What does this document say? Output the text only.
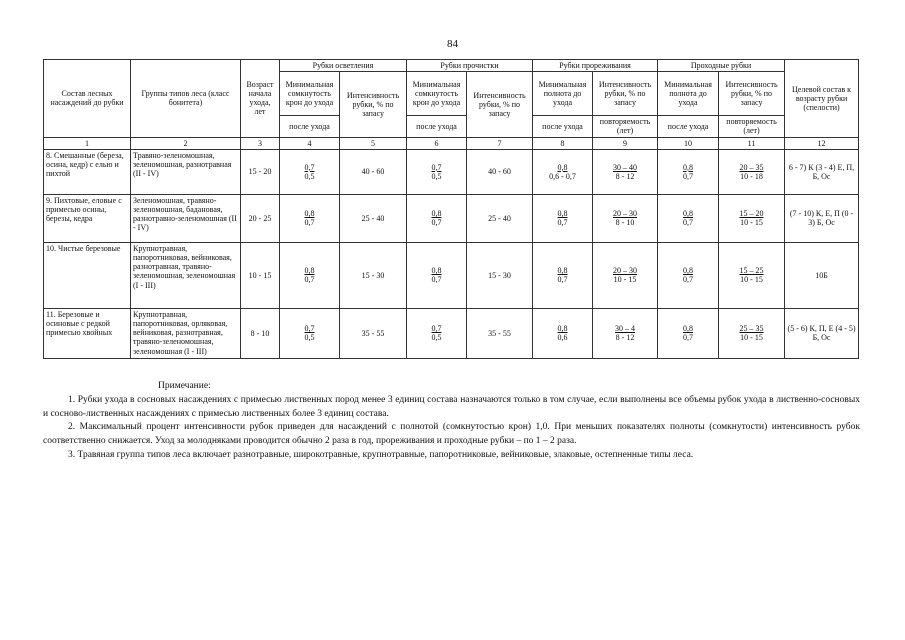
84
Состав лесных насаждений до рубки	Группы типов леса (класс бонитета)	Возраст начала ухода, лет	Рубки осветления		Рубки прочистки		Рубки прореживания		Проходные рубки		Целевой состав к возрасту рубки (спелости)
			Минимальная сомкнутость крон до ухода	Интенсивность рубки, % по запасу	Минимальная сомкнутость крон до ухода	Интенсивность рубки, % по запасу	Минимальная полнота до ухода	Интенсивность рубки, % по запасу	Минимальная полнота до ухода	Интенсивность рубки, % по запасу	
			после ухода		после ухода		после ухода	повторяемость (лет)	после ухода	повторяемость (лет)	
1	2	3	4	5	6	7	8	9	10	11	12
8. Смешанные (береза, осина, кедр) с елью и пихтой	Травяно-зеленомошная, зеленомошная, разнотравная (II - IV)	15 - 20	$\frac{0,7}{0,5}$	40 - 60	$\frac{0,7}{0,5}$	40 - 60	$\frac{0,8}{0,6 - 0,7}$	$\frac{30 - 40}{8 - 12}$	$\frac{0,8}{0,7}$	$\frac{20 - 35}{10 - 18}$	6 - 7) К (3 - 4) Е, П, Б, Ос
9. Пихтовые, еловые с примесью осины, березы, кедра	Зеленомошная, травяно-зеленомошная, бадановая, разнотравно-зеленомошная (II - IV)	20 - 25	$\frac{0,8}{0,7}$	25 - 40	$\frac{0,8}{0,7}$	25 - 40	$\frac{0,8}{0,7}$	$\frac{20 - 30}{8 - 10}$	$\frac{0,8}{0,7}$	$\frac{15 - 20}{10 - 15}$	(7 - 10) К, Е, П (0 - 3) Б, Ос
10. Чистые березовые	Крупнотравная, папоротниковая, вейниковая, разнотравная, травяно-зеленомошная, зеленомошная (I - III)	10 - 15	$\frac{0,8}{0,7}$	15 - 30	$\frac{0,8}{0,7}$	15 - 30	$\frac{0,8}{0,7}$	$\frac{20 - 30}{10 - 15}$	$\frac{0,8}{0,7}$	$\frac{15 - 25}{10 - 15}$	10Б
11. Березовые и осиновые с редкой примесью хвойных	Крупнотравная, папоротниковая, орляковая, вейниковая, разнотравная, травяно-зеленомошная, зеленомошная (I - III)	8 - 10	$\frac{0,7}{0,5}$	35 - 55	$\frac{0,7}{0,5}$	35 - 55	$\frac{0,8}{0,6}$	$\frac{30 - 4}{8 - 12}$	$\frac{0,8}{0,7}$	$\frac{25 - 35}{10 - 15}$	(5 - 6) К, П, Е (4 - 5) Б, Ос

Примечание:

1. Рубки ухода в сосновых насаждениях с примесью лиственных пород менее 3 единиц состава назначаются только в том случае, если выполнены все объемы рубок ухода в лиственно-сосновых и сосново-лиственных насаждениях с примесью лиственных более 3 единиц состава.

2. Максимальный процент интенсивности рубок приведен для насаждений с полнотой (сомкнутостью крон) 1,0. При меньших показателях полноты (сомкнутости) интенсивность рубок соответственно снижается. Уход за молодняками проводится обычно 2 раза в год, прореживания и проходные рубки – по 1 – 2 раза.

3. Травяная группа типов леса включает разнотравные, широкотравные, крупнотравные, папоротниковые, вейниковые, злаковые, остепненные типы леса.
